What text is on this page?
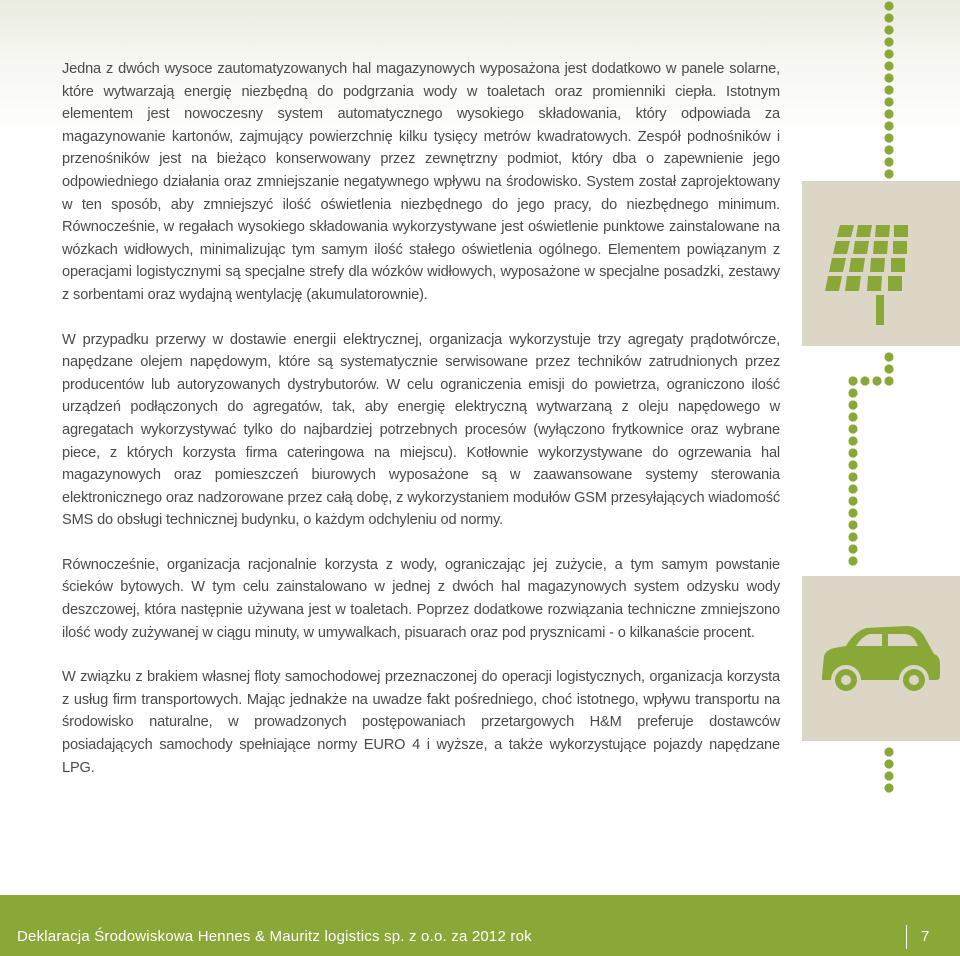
Jedna z dwóch wysoce zautomatyzowanych hal magazynowych wyposażona jest dodatkowo w panele solarne, które wytwarzają energię niezbędną do podgrzania wody w toaletach oraz promienniki ciepła. Istotnym elementem jest nowoczesny system automatycznego wysokiego składowania, który odpowiada za magazynowanie kartonów, zajmujący powierzchnię kilku tysięcy metrów kwadratowych. Zespół podnośników i przenośników jest na bieżąco konserwowany przez zewnętrzny podmiot, który dba o zapewnienie jego odpowiedniego działania oraz zmniejszanie negatywnego wpływu na środowisko. System został zaprojektowany w ten sposób, aby zmniejszyć ilość oświetlenia niezbędnego do jego pracy, do niezbędnego minimum. Równocześnie, w regałach wysokiego składowania wykorzystywane jest oświetlenie punktowe zainstalowane na wózkach widłowych, minimalizując tym samym ilość stałego oświetlenia ogólnego. Elementem powiązanym z operacjami logistycznymi są specjalne strefy dla wózków widłowych, wyposażone w specjalne posadzki, zestawy z sorbentami oraz wydajną wentylację (akumulatorownie).

W przypadku przerwy w dostawie energii elektrycznej, organizacja wykorzystuje trzy agregaty prądotwórcze, napędzane olejem napędowym, które są systematycznie serwisowane przez techników zatrudnionych przez producentów lub autoryzowanych dystrybutorów. W celu ograniczenia emisji do powietrza, ograniczono ilość urządzeń podłączonych do agregatów, tak, aby energię elektryczną wytwarzaną z oleju napędowego w agregatach wykorzystywać tylko do najbardziej potrzebnych procesów (wyłączono frytkownice oraz wybrane piece, z których korzysta firma cateringowa na miejscu). Kotłownie wykorzystywane do ogrzewania hal magazynowych oraz pomieszczeń biurowych wyposażone są w zaawansowane systemy sterowania elektronicznego oraz nadzorowane przez całą dobę, z wykorzystaniem modułów GSM przesyłających wiadomość SMS do obsługi technicznej budynku, o każdym odchyleniu od normy.

Równocześnie, organizacja racjonalnie korzysta z wody, ograniczając jej zużycie, a tym samym powstanie ścieków bytowych. W tym celu zainstalowano w jednej z dwóch hal magazynowych system odzysku wody deszczowej, która następnie używana jest w toaletach. Poprzez dodatkowe rozwiązania techniczne zmniejszono ilość wody zużywanej w ciągu minuty, w umywalkach, pisuarach oraz pod prysznicami - o kilkanaście procent.

W związku z brakiem własnej floty samochodowej przeznaczonej do operacji logistycznych, organizacja korzysta z usług firm transportowych. Mając jednakże na uwadze fakt pośredniego, choć istotnego, wpływu transportu na środowisko naturalne, w prowadzonych postępowaniach przetargowych H&M preferuje dostawców posiadających samochody spełniające normy EURO 4 i wyższe, a także wykorzystujące pojazdy napędzane LPG.

Deklaracja Środowiskowa Hennes & Mauritz logistics sp. z o.o. za 2012 rok	7
